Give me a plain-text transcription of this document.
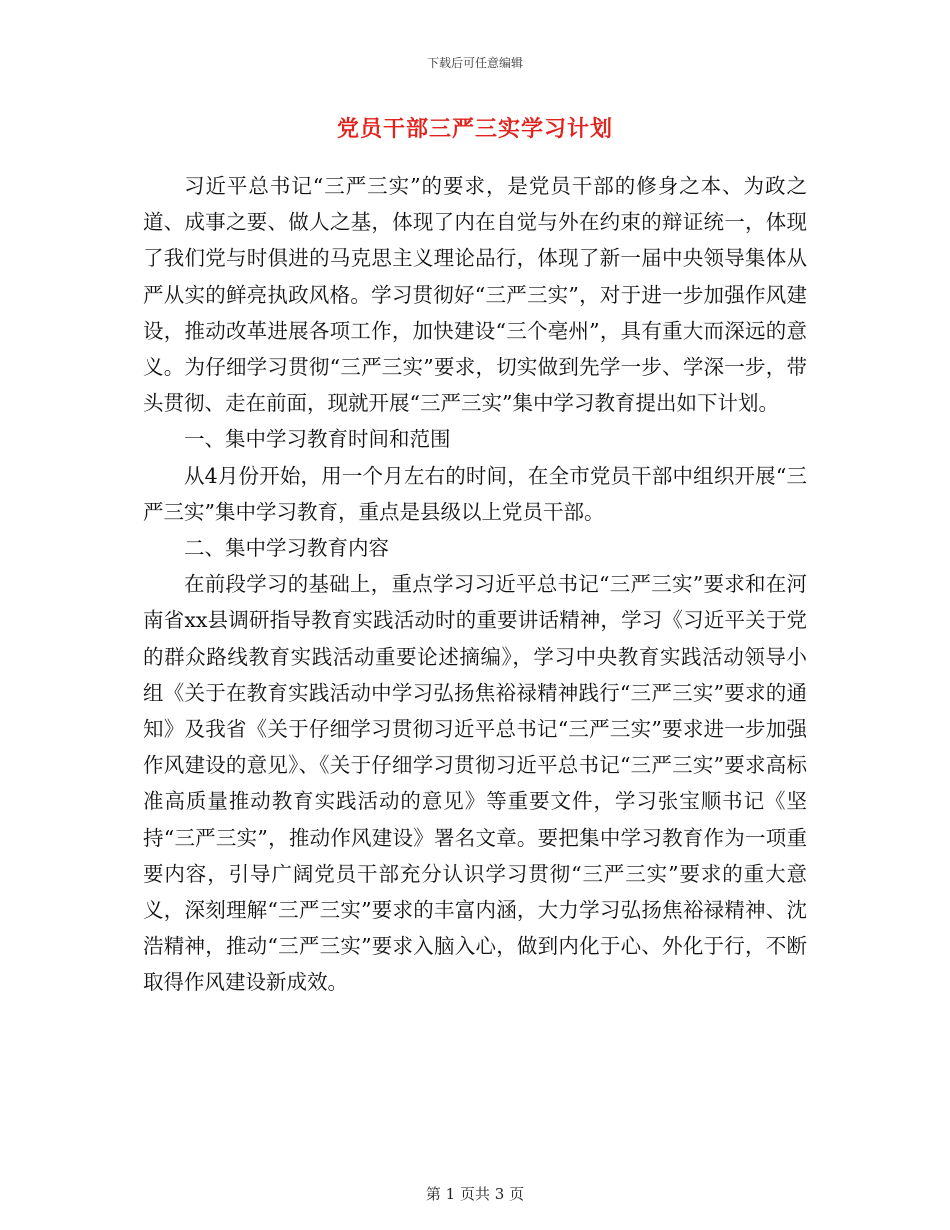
下载后可任意编辑
党员干部三严三实学习计划

习近平总书记“三严三实”的要求，是党员干部的修身之本、为政之道、成事之要、做人之基，体现了内在自觉与外在约束的辩证统一，体现了我们党与时俱进的马克思主义理论品行，体现了新一届中央领导集体从严从实的鲜亮执政风格。学习贯彻好“三严三实”，对于进一步加强作风建设，推动改革进展各项工作，加快建设“三个亳州”，具有重大而深远的意义。为仔细学习贯彻“三严三实”要求，切实做到先学一步、学深一步，带头贯彻、走在前面，现就开展“三严三实”集中学习教育提出如下计划。

一、集中学习教育时间和范围

从4月份开始，用一个月左右的时间，在全市党员干部中组织开展“三严三实”集中学习教育，重点是县级以上党员干部。

二、集中学习教育内容

在前段学习的基础上，重点学习习近平总书记“三严三实”要求和在河南省xx县调研指导教育实践活动时的重要讲话精神，学习《习近平关于党的群众路线教育实践活动重要论述摘编》，学习中央教育实践活动领导小组《关于在教育实践活动中学习弘扬焦裕禄精神践行“三严三实”要求的通知》及我省《关于仔细学习贯彻习近平总书记“三严三实”要求进一步加强作风建设的意见》、《关于仔细学习贯彻习近平总书记“三严三实”要求高标准高质量推动教育实践活动的意见》等重要文件，学习张宝顺书记《坚持“三严三实”，推动作风建设》署名文章。要把集中学习教育作为一项重要内容，引导广阔党员干部充分认识学习贯彻“三严三实”要求的重大意义，深刻理解“三严三实”要求的丰富内涵，大力学习弘扬焦裕禄精神、沈浩精神，推动“三严三实”要求入脑入心，做到内化于心、外化于行，不断取得作风建设新成效。

第 1 页共 3 页
